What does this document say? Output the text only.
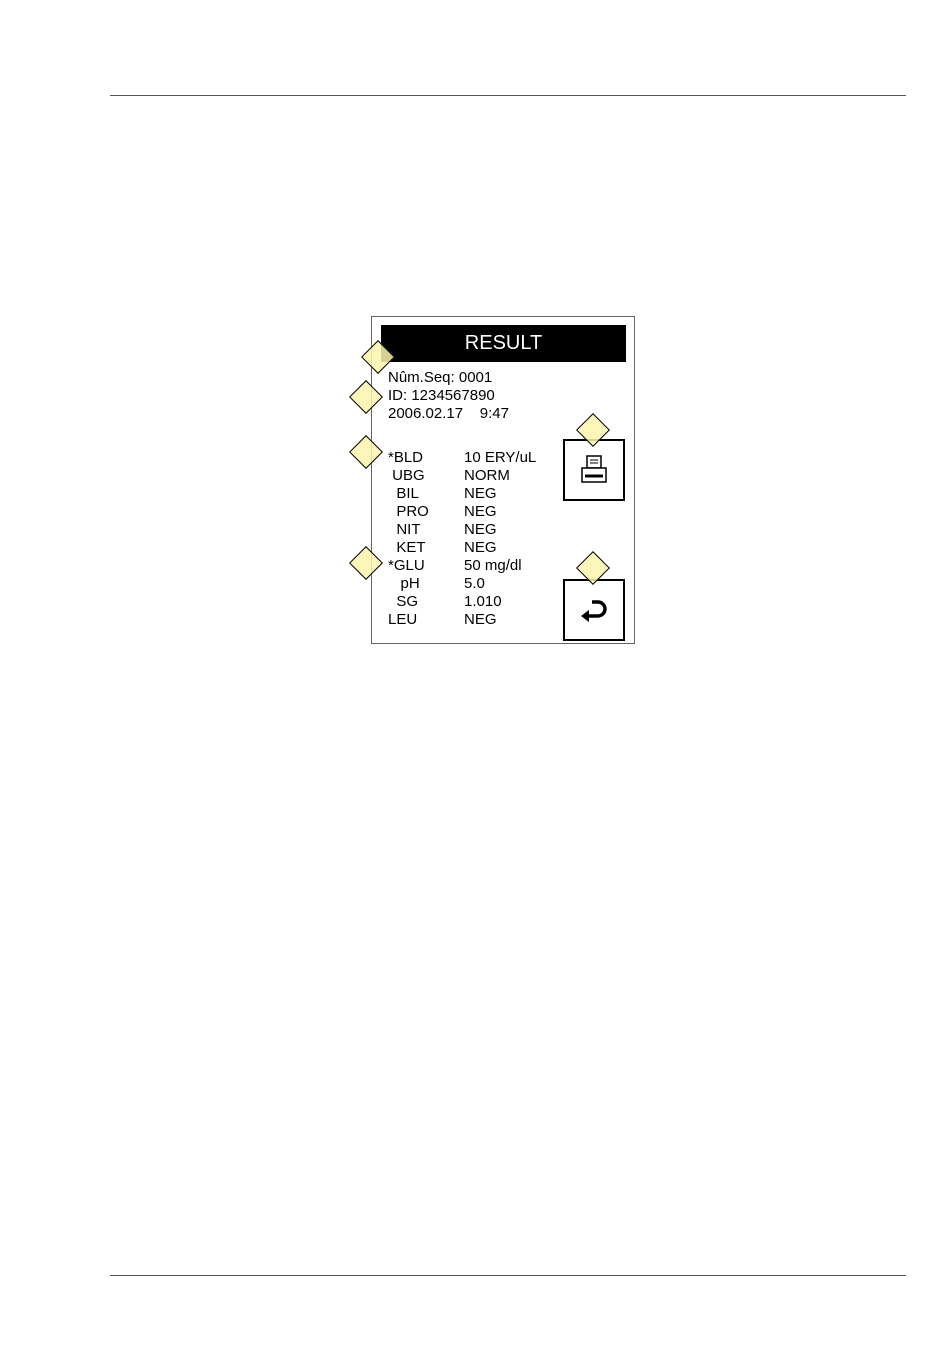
RESULT
Nûm.Seq: 0001
ID: 1234567890
2006.02.17    9:47
*BLD	10 ERY/uL
UBG	NORM
BIL	NEG
PRO NEG
NIT	NEG
KET	NEG
*GLU	50 mg/dl
pH	5.0
SG	1.010
LEU	NEG
